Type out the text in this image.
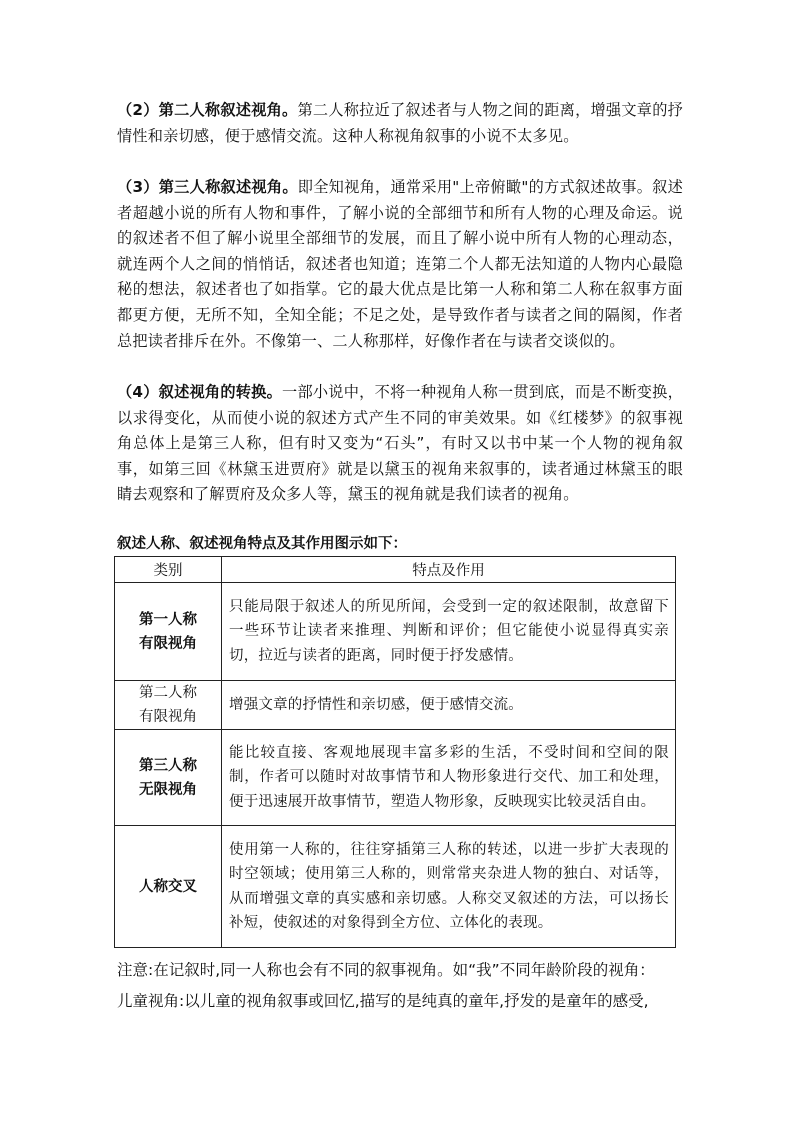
（2）第二人称叙述视角。第二人称拉近了叙述者与人物之间的距离，增强文章的抒情性和亲切感，便于感情交流。这种人称视角叙事的小说不太多见。

（3）第三人称叙述视角。即全知视角，通常采用"上帝俯瞰"的方式叙述故事。叙述者超越小说的所有人物和事件，了解小说的全部细节和所有人物的心理及命运。说的叙述者不但了解小说里全部细节的发展，而且了解小说中所有人物的心理动态，就连两个人之间的悄悄话，叙述者也知道；连第二个人都无法知道的人物内心最隐秘的想法，叙述者也了如指掌。它的最大优点是比第一人称和第二人称在叙事方面都更方便，无所不知，全知全能；不足之处，是导致作者与读者之间的隔阂，作者总把读者排斥在外。不像第一、二人称那样，好像作者在与读者交谈似的。

（4）叙述视角的转换。一部小说中，不将一种视角人称一贯到底，而是不断变换，以求得变化，从而使小说的叙述方式产生不同的审美效果。如《红楼梦》的叙事视角总体上是第三人称，但有时又变为“石头”，有时又以书中某一个人物的视角叙事，如第三回《林黛玉进贾府》就是以黛玉的视角来叙事的，读者通过林黛玉的眼睛去观察和了解贾府及众多人等，黛玉的视角就是我们读者的视角。

叙述人称、叙述视角特点及其作用图示如下：

类别	特点及作用

第一人称
有限视角	只能局限于叙述人的所见所闻，会受到一定的叙述限制，故意留下一些环节让读者来推理、判断和评价；但它能使小说显得真实亲切，拉近与读者的距离，同时便于抒发感情。

第二人称
有限视角	增强文章的抒情性和亲切感，便于感情交流。

第三人称
无限视角	能比较直接、客观地展现丰富多彩的生活，不受时间和空间的限制，作者可以随时对故事情节和人物形象进行交代、加工和处理，便于迅速展开故事情节，塑造人物形象，反映现实比较灵活自由。

人称交叉	使用第一人称的，往往穿插第三人称的转述，以进一步扩大表现的时空领域；使用第三人称的，则常常夹杂进人物的独白、对话等，从而增强文章的真实感和亲切感。人称交叉叙述的方法，可以扬长补短，使叙述的对象得到全方位、立体化的表现。

注意:在记叙时,同一人称也会有不同的叙事视角。如“我”不同年龄阶段的视角：

儿童视角:以儿童的视角叙事或回忆,描写的是纯真的童年,抒发的是童年的感受,
